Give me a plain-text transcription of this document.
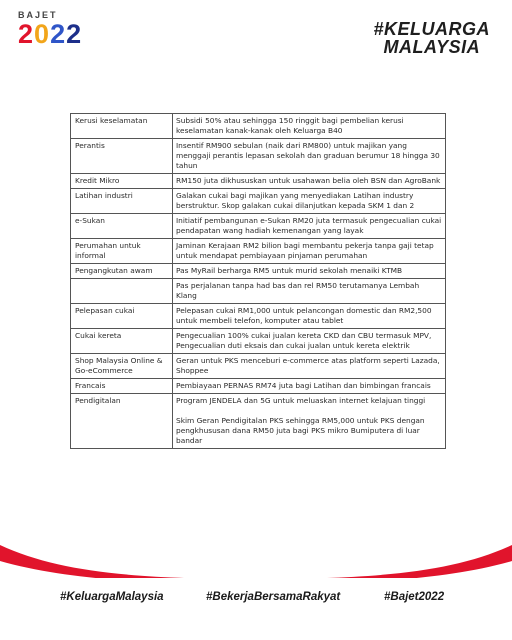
BAJET
2022	#KELUARGA
MALAYSIA
Kerusi keselamatan	Subsidi 50% atau sehingga 150 ringgit bagi pembelian kerusi keselamatan kanak-kanak oleh Keluarga B40

Perantis	Insentif RM900 sebulan (naik dari RM800) untuk majikan yang menggaji perantis lepasan sekolah dan graduan berumur 18 hingga 30 tahun

Kredit Mikro	RM150 juta dikhususkan untuk usahawan belia oleh BSN dan AgroBank

Latihan industri	Galakan cukai bagi majikan yang menyediakan Latihan industry berstruktur. Skop galakan cukai dilanjutkan kepada SKM 1 dan 2

e-Sukan	Initiatif pembangunan e-Sukan RM20 juta termasuk pengecualian cukai pendapatan wang hadiah kemenangan yang layak

Perumahan untuk informal	Jaminan Kerajaan RM2 bilion bagi membantu pekerja tanpa gaji tetap untuk mendapat pembiayaan pinjaman perumahan

Pengangkutan awam	Pas MyRail berharga RM5 untuk murid sekolah menaiki KTMB

	Pas perjalanan tanpa had bas dan rel RM50 terutamanya Lembah Klang

Pelepasan cukai	Pelepasan cukai RM1,000 untuk pelancongan domestic dan RM2,500 untuk membeli telefon, komputer atau tablet

Cukai kereta	Pengecualian 100% cukai jualan kereta CKD dan CBU termasuk MPV,
Pengecualian duti eksais dan cukai jualan untuk kereta elektrik

Shop Malaysia Online & Go-eCommerce	Geran untuk PKS menceburi e-commerce atas platform seperti Lazada, Shoppee

Francais	Pembiayaan PERNAS RM74 juta bagi Latihan dan bimbingan francais

Pendigitalan	Program JENDELA dan 5G untuk meluaskan internet kelajuan tinggi
Skim Geran Pendigitalan PKS sehingga RM5,000 untuk PKS dengan pengkhususan dana RM50 juta bagi PKS mikro Bumiputera di luar bandar
#KeluargaMalaysia	#BekerjaBersamaRakyat	#Bajet2022
